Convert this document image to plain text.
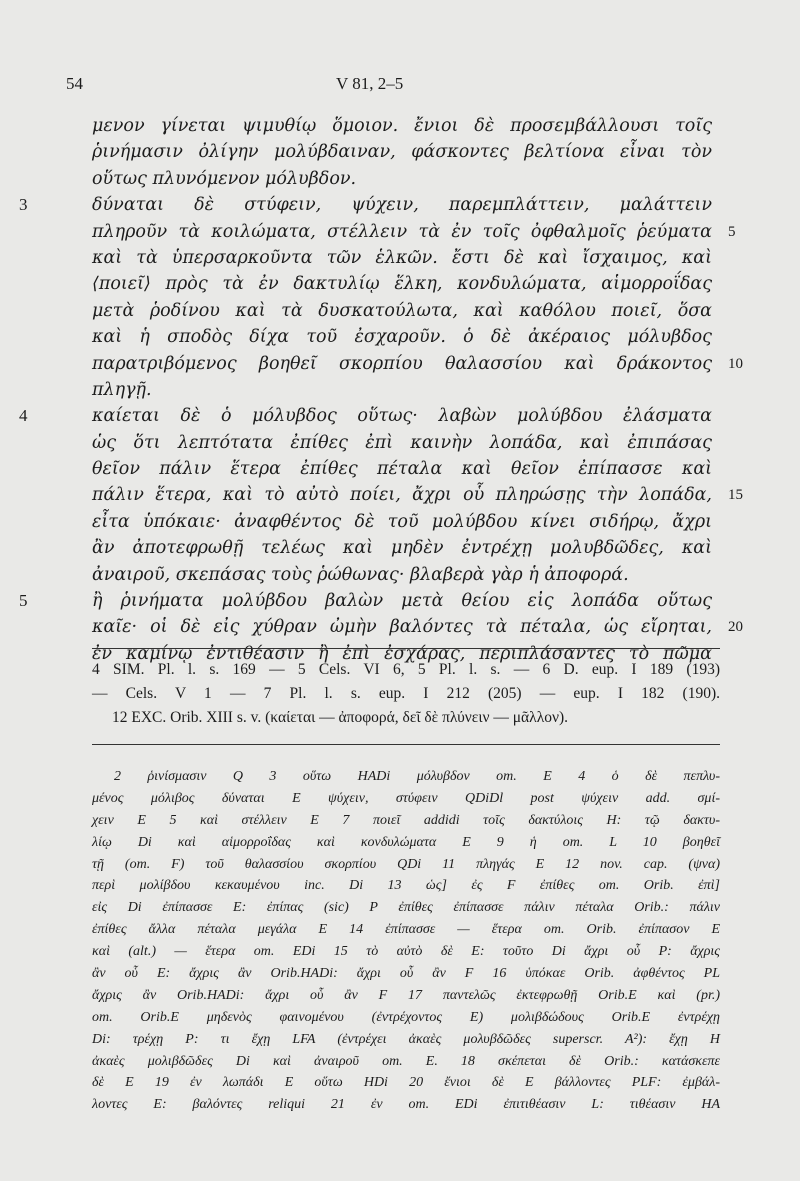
54	V 81, 2–5
μενον γίνεται ψιμυθίῳ ὅμοιον. ἔνιοι δὲ προσεμβάλλουσι τοῖς
ῥινήμασιν ὀλίγην μολύβδαιναν, φάσκοντες βελτίονα εἶναι τὸν
οὕτως πλυνόμενον μόλυβδον.
3	δύναται δὲ στύφειν, ψύχειν, παρεμπλάττειν, μαλάττειν
πληροῦν τὰ κοιλώματα, στέλλειν τὰ ἐν τοῖς ὀφθαλμοῖς ῥεύματα 5
καὶ τὰ ὑπερσαρκοῦντα τῶν ἑλκῶν. ἔστι δὲ καὶ ἴσχαιμος, καὶ
⟨ποιεῖ⟩ πρὸς τὰ ἐν δακτυλίῳ ἕλκη, κονδυλώματα, αἱμορροΐδας
μετὰ ῥοδίνου καὶ τὰ δυσκατούλωτα, καὶ καθόλου ποιεῖ, ὅσα
καὶ ἡ σποδὸς δίχα τοῦ ἐσχαροῦν. ὁ δὲ ἀκέραιος μόλυβδος
παρατριβόμενος βοηθεῖ σκορπίου θαλασσίου καὶ δράκοντος 10
πληγῇ.
4	καίεται δὲ ὁ μόλυβδος οὕτως· λαβὼν μολύβδου ἐλάσματα
ὡς ὅτι λεπτότατα ἐπίθες ἐπὶ καινὴν λοπάδα, καὶ ἐπιπάσας
θεῖον πάλιν ἕτερα ἐπίθες πέταλα καὶ θεῖον ἐπίπασσε καὶ
πάλιν ἕτερα, καὶ τὸ αὐτὸ ποίει, ἄχρι οὗ πληρώσῃς τὴν λοπάδα, 15
εἶτα ὑπόκαιε· ἀναφθέντος δὲ τοῦ μολύβδου κίνει σιδήρῳ, ἄχρι
ἂν ἀποτεφρωθῇ τελέως καὶ μηδὲν ἐντρέχῃ μολυβδῶδες, καὶ
ἀναιροῦ, σκεπάσας τοὺς ῥώθωνας· βλαβερὰ γὰρ ἡ ἀποφορά.
5	ἢ ῥινήματα μολύβδου βαλὼν μετὰ θείου εἰς λοπάδα οὕτως
καῖε· οἱ δὲ εἰς χύθραν ὠμὴν βαλόντες τὰ πέταλα, ὡς εἴρηται, 20
ἐν καμίνῳ ἐντιθέασιν ἢ ἐπὶ ἐσχάρας, περιπλάσαντες τὸ πῶμα
4 SIM. Pl. l. s. 169 — 5 Cels. VI 6, 5 Pl. l. s. — 6 D. eup. I 189 (193)
— Cels. V 1 — 7 Pl. l. s. eup. I 212 (205) — eup. I 182 (190).
12 EXC. Orib. XIII s. v. (καίεται — ἀποφορά, δεῖ δὲ πλύνειν — μᾶλλον).
2 ῥινίσμασιν Q 3 οὕτω HADi μόλυβδον om. E 4 ὁ δὲ πεπλυ-
μένος μόλιβος δύναται E ψύχειν, στύφειν QDiDl post ψύχειν add. σμί-
χειν E 5 καὶ στέλλειν E 7 ποιεῖ addidi τοῖς δακτύλοις H: τῷ δακτυ-
λίῳ Di καὶ αἱμορροΐδας καὶ κονδυλώματα E 9 ἡ om. L 10 βοηθεῖ
τῇ (om. F) τοῦ θαλασσίου σκορπίου QDi 11 πληγάς E 12 nov. cap. (ψνα)
περὶ μολίβδου κεκαυμένου inc. Di 13 ὡς] ἐς F ἐπίθες om. Orib. ἐπὶ]
εἰς Di ἐπίπασσε E: ἐπίπας (sic) P ἐπίθες ἐπίπασσε πάλιν πέταλα Orib.: πάλιν
ἐπίθες ἄλλα πέταλα μεγάλα E 14 ἐπίπασσε — ἕτερα om. Orib. ἐπίπασον E
καὶ (alt.) — ἕτερα om. EDi 15 τὸ αὐτὸ δὲ E: τοῦτο Di ἄχρι οὗ P: ἄχρις
ἂν οὗ E: ἄχρις ἂν Orib.HADi: ἄχρι οὗ ἂν F 16 ὑπόκαε Orib. ἀφθέντος PL
ἄχρις ἂν Orib.HADi: ἄχρι οὗ ἂν F 17 παντελῶς ἐκτεφρωθῇ Orib.E καὶ (pr.)
om. Orib.E μηδενὸς φαινομένου (ἐντρέχοντος E) μολιβδώδους Orib.E ἐντρέχῃ
Di: τρέχῃ P: τι ἔχῃ LFA (ἐντρέχει ἀκαὲς μολυβδῶδες superscr. A²): ἔχῃ H
ἀκαὲς μολιβδῶδες Di καὶ ἀναιροῦ om. E. 18 σκέπεται δὲ Orib.: κατάσκεπε
δὲ E 19 ἐν λωπάδι E οὕτω HDi 20 ἔνιοι δὲ E βάλλοντες PLF: ἐμβάλ-
λοντες E: βαλόντες reliqui 21 ἐν om. EDi ἐπιτιθέασιν L: τιθέασιν HA
